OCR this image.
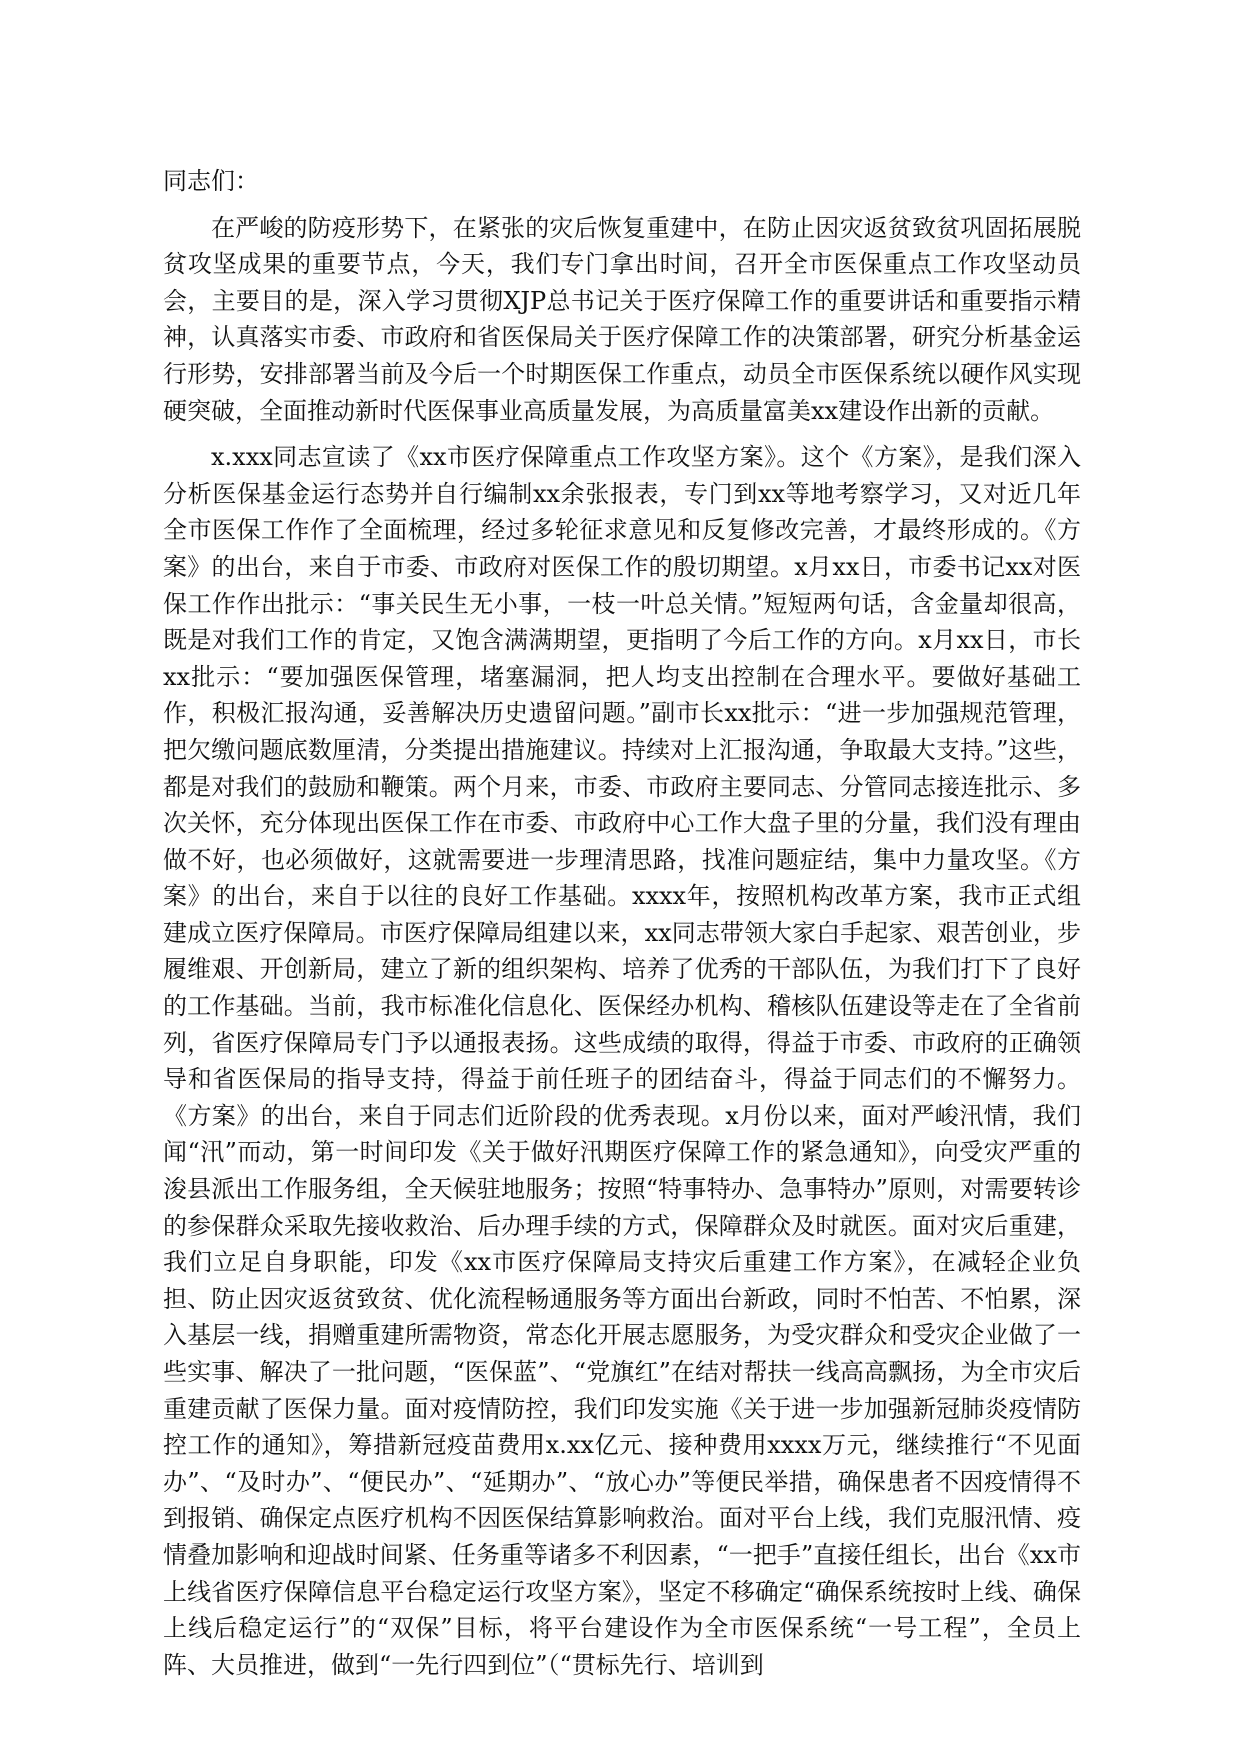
同志们：

在严峻的防疫形势下，在紧张的灾后恢复重建中，在防止因灾返贫致贫巩固拓展脱贫攻坚成果的重要节点，今天，我们专门拿出时间，召开全市医保重点工作攻坚动员会，主要目的是，深入学习贯彻XJP总书记关于医疗保障工作的重要讲话和重要指示精神，认真落实市委、市政府和省医保局关于医疗保障工作的决策部署，研究分析基金运行形势，安排部署当前及今后一个时期医保工作重点，动员全市医保系统以硬作风实现硬突破，全面推动新时代医保事业高质量发展，为高质量富美xx建设作出新的贡献。

x.xxx同志宣读了《xx市医疗保障重点工作攻坚方案》。这个《方案》，是我们深入分析医保基金运行态势并自行编制xx余张报表，专门到xx等地考察学习，又对近几年全市医保工作作了全面梳理，经过多轮征求意见和反复修改完善，才最终形成的。《方案》的出台，来自于市委、市政府对医保工作的殷切期望。x月xx日，市委书记xx对医保工作作出批示：“事关民生无小事，一枝一叶总关情。”短短两句话，含金量却很高，既是对我们工作的肯定，又饱含满满期望，更指明了今后工作的方向。x月xx日，市长xx批示：“要加强医保管理，堵塞漏洞，把人均支出控制在合理水平。要做好基础工作，积极汇报沟通，妥善解决历史遗留问题。”副市长xx批示：“进一步加强规范管理，把欠缴问题底数厘清，分类提出措施建议。持续对上汇报沟通，争取最大支持。”这些，都是对我们的鼓励和鞭策。两个月来，市委、市政府主要同志、分管同志接连批示、多次关怀，充分体现出医保工作在市委、市政府中心工作大盘子里的分量，我们没有理由做不好，也必须做好，这就需要进一步理清思路，找准问题症结，集中力量攻坚。《方案》的出台，来自于以往的良好工作基础。xxxx年，按照机构改革方案，我市正式组建成立医疗保障局。市医疗保障局组建以来，xx同志带领大家白手起家、艰苦创业，步履维艰、开创新局，建立了新的组织架构、培养了优秀的干部队伍，为我们打下了良好的工作基础。当前，我市标准化信息化、医保经办机构、稽核队伍建设等走在了全省前列，省医疗保障局专门予以通报表扬。这些成绩的取得，得益于市委、市政府的正确领导和省医保局的指导支持，得益于前任班子的团结奋斗，得益于同志们的不懈努力。《方案》的出台，来自于同志们近阶段的优秀表现。x月份以来，面对严峻汛情，我们闻“汛”而动，第一时间印发《关于做好汛期医疗保障工作的紧急通知》，向受灾严重的浚县派出工作服务组，全天候驻地服务；按照“特事特办、急事特办”原则，对需要转诊的参保群众采取先接收救治、后办理手续的方式，保障群众及时就医。面对灾后重建，我们立足自身职能，印发《xx市医疗保障局支持灾后重建工作方案》，在减轻企业负担、防止因灾返贫致贫、优化流程畅通服务等方面出台新政，同时不怕苦、不怕累，深入基层一线，捐赠重建所需物资，常态化开展志愿服务，为受灾群众和受灾企业做了一些实事、解决了一批问题，“医保蓝”、“党旗红”在结对帮扶一线高高飘扬，为全市灾后重建贡献了医保力量。面对疫情防控，我们印发实施《关于进一步加强新冠肺炎疫情防控工作的通知》，筹措新冠疫苗费用x.xx亿元、接种费用xxxx万元，继续推行“不见面办”、“及时办”、“便民办”、“延期办”、“放心办”等便民举措，确保患者不因疫情得不到报销、确保定点医疗机构不因医保结算影响救治。面对平台上线，我们克服汛情、疫情叠加影响和迎战时间紧、任务重等诸多不利因素，“一把手”直接任组长，出台《xx市上线省医疗保障信息平台稳定运行攻坚方案》，坚定不移确定“确保系统按时上线、确保上线后稳定运行”的“双保”目标，将平台建设作为全市医保系统“一号工程”，全员上阵、大员推进，做到“一先行四到位”（“贯标先行、培训到
